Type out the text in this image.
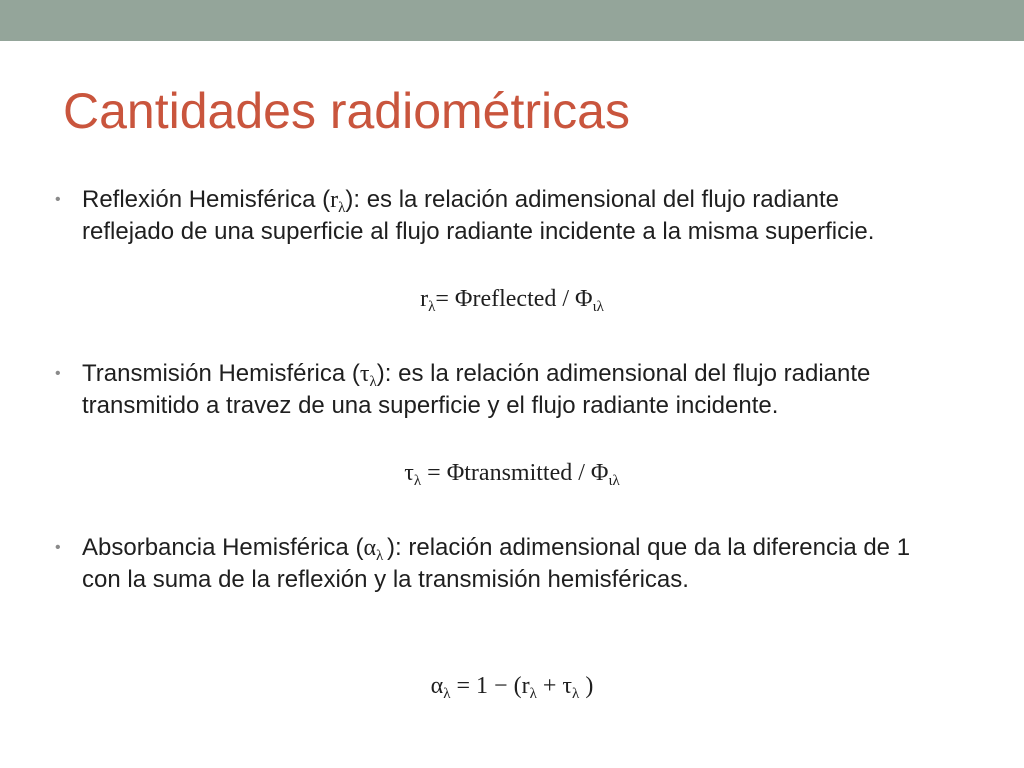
Cantidades radiométricas
• Reflexión Hemisférica $(r_\lambda)$: es la relación adimensional del flujo radiante reflejado de una superficie al flujo radiante incidente a la misma superficie.
$r_\lambda=$ Φreflected / $\Phi_{\iota\lambda}$
• Transmisión Hemisférica $(\tau_\lambda)$: es la relación adimensional del flujo radiante transmitido a travez de una superficie y el flujo radiante incidente.
$\tau_\lambda$ = Φtransmitted / $\Phi_{\iota\lambda}$
• Absorbancia Hemisférica ($\alpha_\lambda$ ): relación adimensional que da la diferencia de 1 con la suma de la reflexión y la transmisión hemisféricas.
$\alpha_\lambda = 1 - (r_\lambda + \tau_\lambda$ )
